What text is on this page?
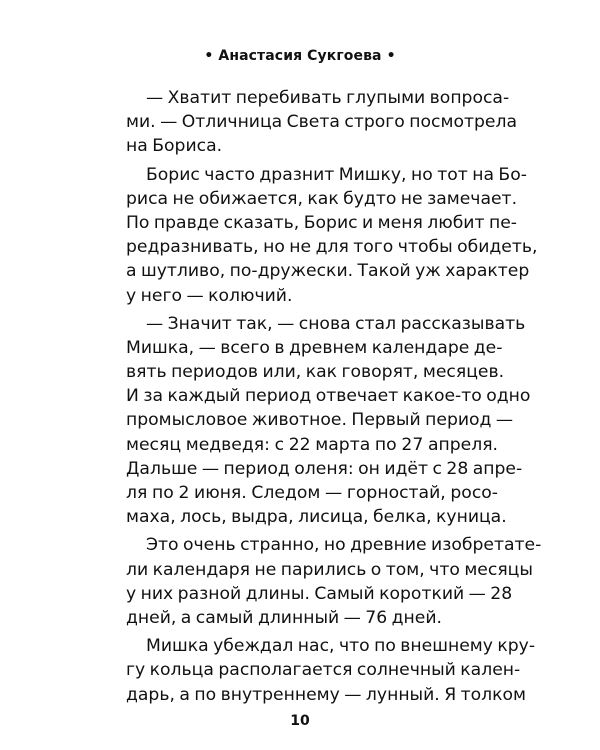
• Анастасия Сукгоева •
— Хватит перебивать глупыми вопроса-
ми. — Отличница Света строго посмотрела
на Бориса.
Борис часто дразнит Мишку, но тот на Бо-
риса не обижается, как будто не замечает.
По правде сказать, Борис и меня любит пе-
редразнивать, но не для того чтобы обидеть,
а шутливо, по-дружески. Такой уж характер
у него — колючий.
— Значит так, — снова стал рассказывать
Мишка, — всего в древнем календаре де-
вять периодов или, как говорят, месяцев.
И за каждый период отвечает какое-то одно
промысловое животное. Первый период —
месяц медведя: с 22 марта по 27 апреля.
Дальше — период оленя: он идёт с 28 апре-
ля по 2 июня. Следом — горностай, росо-
маха, лось, выдра, лисица, белка, куница.
Это очень странно, но древние изобретате-
ли календаря не парились о том, что месяцы
у них разной длины. Самый короткий — 28
дней, а самый длинный — 76 дней.
Мишка убеждал нас, что по внешнему кру-
гу кольца располагается солнечный кален-
дарь, а по внутреннему — лунный. Я толком
10
